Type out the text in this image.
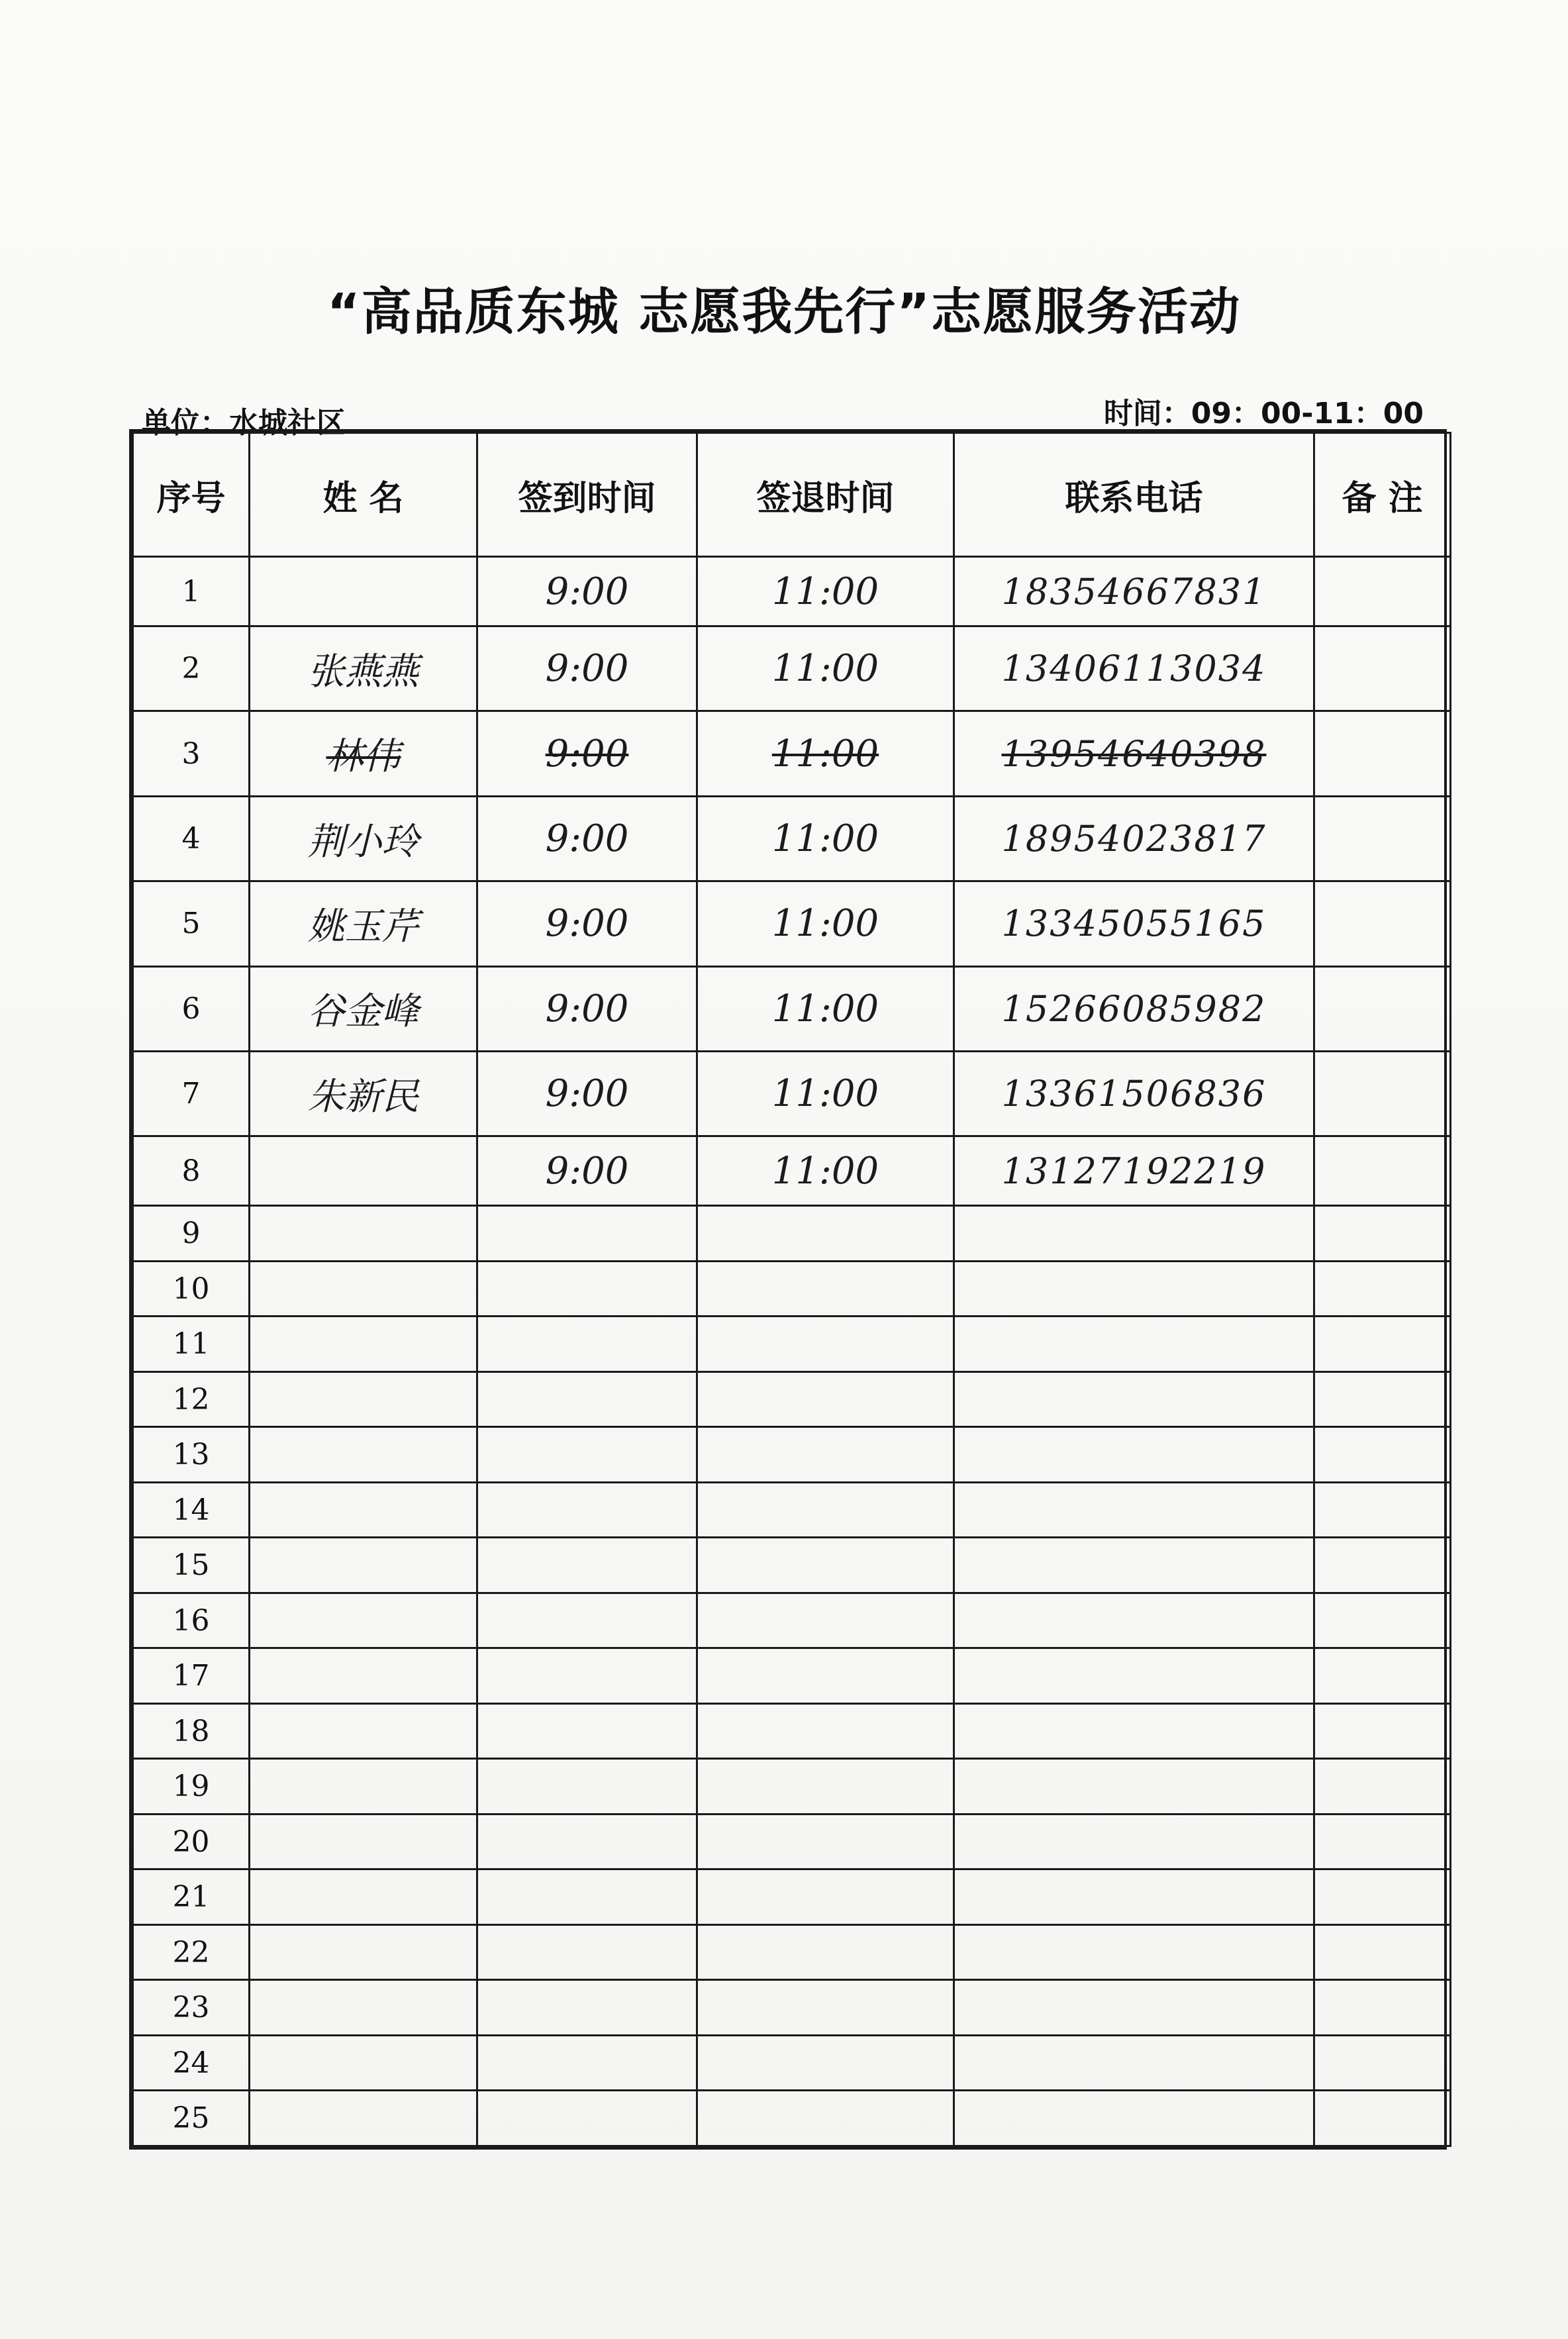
“高品质东城 志愿我先行”志愿服务活动
单位：水城社区	时间：09：00-11：00
序号	姓 名	签到时间	签退时间	联系电话	备 注
1		9:00	11:00	18354667831	
2	张燕燕	9:00	11:00	13406113034	
3	林伟	9:00	11:00	13954640398	
4	荆小玲	9:00	11:00	18954023817	
5	姚玉芹	9:00	11:00	13345055165	
6	谷金峰	9:00	11:00	15266085982	
7	朱新民	9:00	11:00	13361506836	
8		9:00	11:00	13127192219	
9					
10					
11					
12					
13					
14					
15					
16					
17					
18					
19					
20					
21					
22					
23					
24					
25					
